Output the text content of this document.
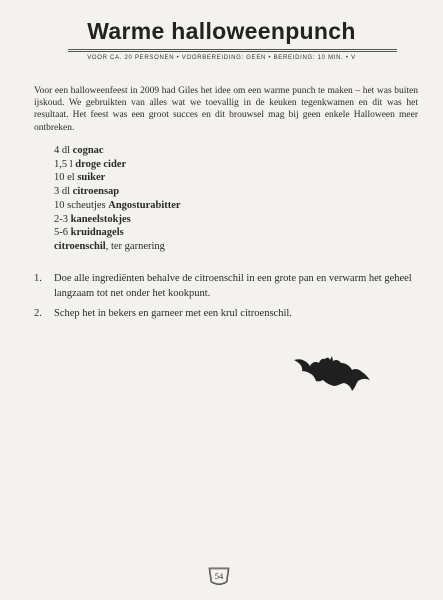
Warme halloweenpunch
VOOR CA. 20 PERSONEN • VOORBEREIDING: GEEN • BEREIDING: 10 MIN. • V

Voor een halloweenfeest in 2009 had Giles het idee om een warme punch te maken – het was buiten ijskoud. We gebruikten van alles wat we toevallig in de keuken tegenkwamen en dit was het resultaat. Het feest was een groot succes en dit brouwsel mag bij geen enkele Halloween meer ontbreken.

4 dl cognac
1,5 l droge cider
10 el suiker
3 dl citroensap
10 scheutjes Angosturabitter
2-3 kaneelstokjes
5-6 kruidnagels
citroenschil, ter garnering
1. Doe alle ingrediënten behalve de citroenschil in een grote pan en verwarm het geheel langzaam tot net onder het kookpunt.
2. Schep het in bekers en garneer met een krul citroenschil.
54
